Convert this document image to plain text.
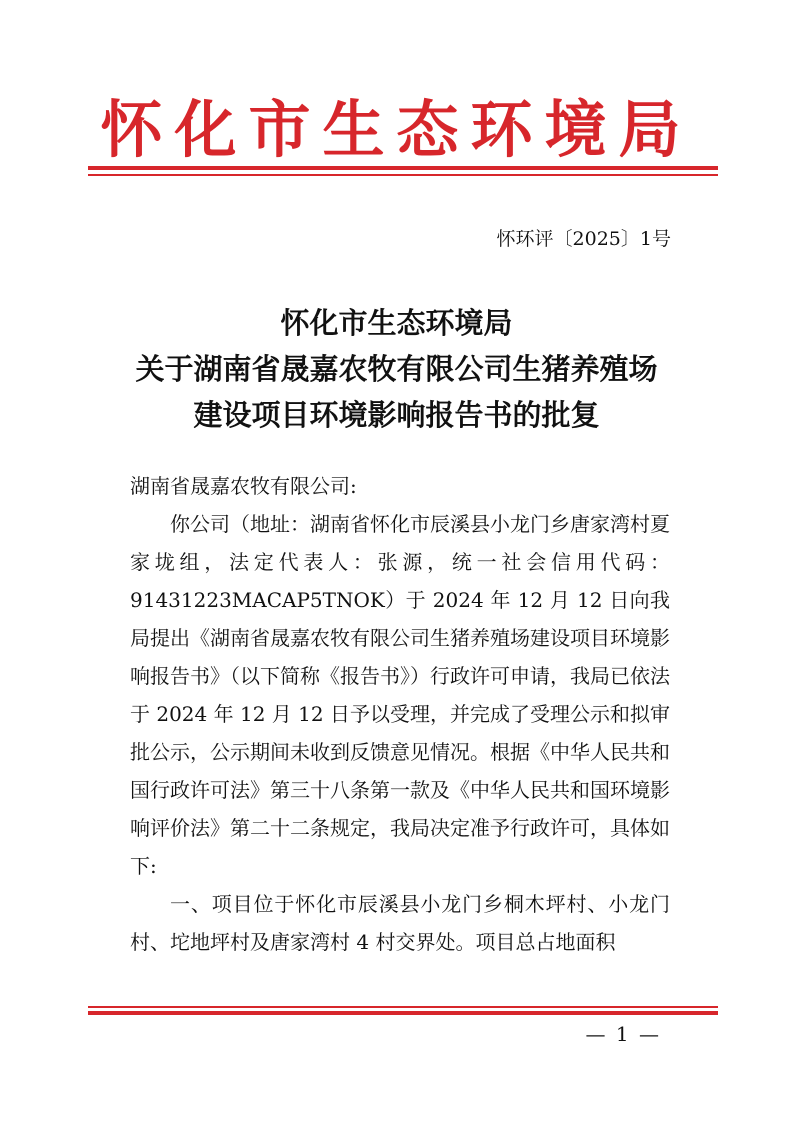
怀化市生态环境局
怀环评〔2025〕1号
怀化市生态环境局
关于湖南省晟嘉农牧有限公司生猪养殖场
建设项目环境影响报告书的批复

湖南省晟嘉农牧有限公司:

你公司（地址：湖南省怀化市辰溪县小龙门乡唐家湾村夏家垅组，法定代表人：张源，统一社会信用代码：91431223MACAP5TNOK）于 2024 年 12 月 12 日向我局提出《湖南省晟嘉农牧有限公司生猪养殖场建设项目环境影响报告书》（以下简称《报告书》）行政许可申请，我局已依法于 2024 年 12 月 12 日予以受理，并完成了受理公示和拟审批公示，公示期间未收到反馈意见情况。根据《中华人民共和国行政许可法》第三十八条第一款及《中华人民共和国环境影响评价法》第二十二条规定，我局决定准予行政许可，具体如下:

一、项目位于怀化市辰溪县小龙门乡桐木坪村、小龙门村、坨地坪村及唐家湾村 4 村交界处。项目总占地面积

— 1 —
